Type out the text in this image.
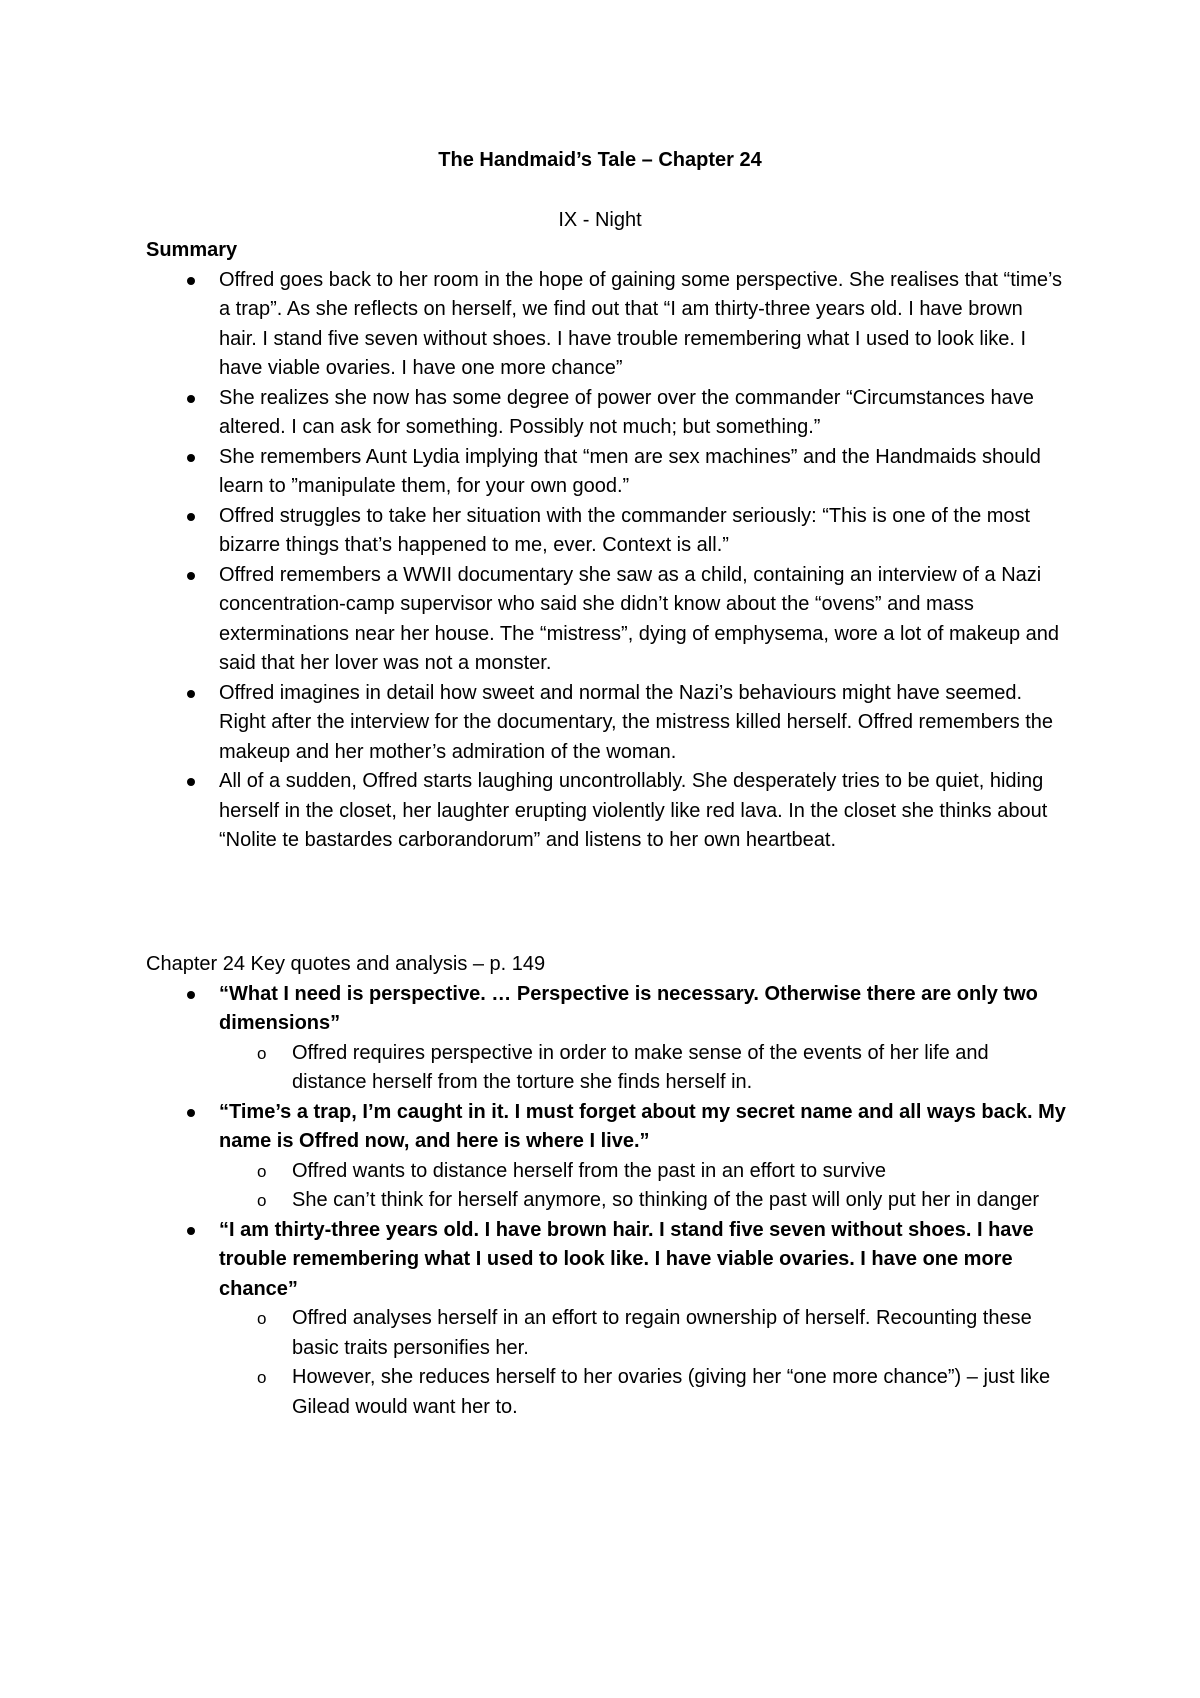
The Handmaid’s Tale – Chapter 24

IX - Night

Summary

Offred goes back to her room in the hope of gaining some perspective. She realises that “time’s a trap”. As she reflects on herself, we find out that “I am thirty-three years old. I have brown hair. I stand five seven without shoes. I have trouble remembering what I used to look like. I have viable ovaries. I have one more chance”
She realizes she now has some degree of power over the commander “Circumstances have altered. I can ask for something. Possibly not much; but something.”
She remembers Aunt Lydia implying that “men are sex machines” and the Handmaids should learn to ”manipulate them, for your own good.”
Offred struggles to take her situation with the commander seriously: “This is one of the most bizarre things that’s happened to me, ever. Context is all.”
Offred remembers a WWII documentary she saw as a child, containing an interview of a Nazi concentration-camp supervisor who said she didn’t know about the “ovens” and mass exterminations near her house. The “mistress”, dying of emphysema, wore a lot of makeup and said that her lover was not a monster.
Offred imagines in detail how sweet and normal the Nazi’s behaviours might have seemed. Right after the interview for the documentary, the mistress killed herself. Offred remembers the makeup and her mother’s admiration of the woman.
All of a sudden, Offred starts laughing uncontrollably. She desperately tries to be quiet, hiding herself in the closet, her laughter erupting violently like red lava. In the closet she thinks about “Nolite te bastardes carborandorum” and listens to her own heartbeat.

Chapter 24 Key quotes and analysis – p. 149

“What I need is perspective. … Perspective is necessary. Otherwise there are only two dimensions”
o Offred requires perspective in order to make sense of the events of her life and distance herself from the torture she finds herself in.
“Time’s a trap, I’m caught in it. I must forget about my secret name and all ways back. My name is Offred now, and here is where I live.”
o Offred wants to distance herself from the past in an effort to survive
o She can’t think for herself anymore, so thinking of the past will only put her in danger
“I am thirty-three years old. I have brown hair. I stand five seven without shoes. I have trouble remembering what I used to look like. I have viable ovaries. I have one more chance”
o Offred analyses herself in an effort to regain ownership of herself. Recounting these basic traits personifies her.
o However, she reduces herself to her ovaries (giving her “one more chance”) – just like Gilead would want her to.
